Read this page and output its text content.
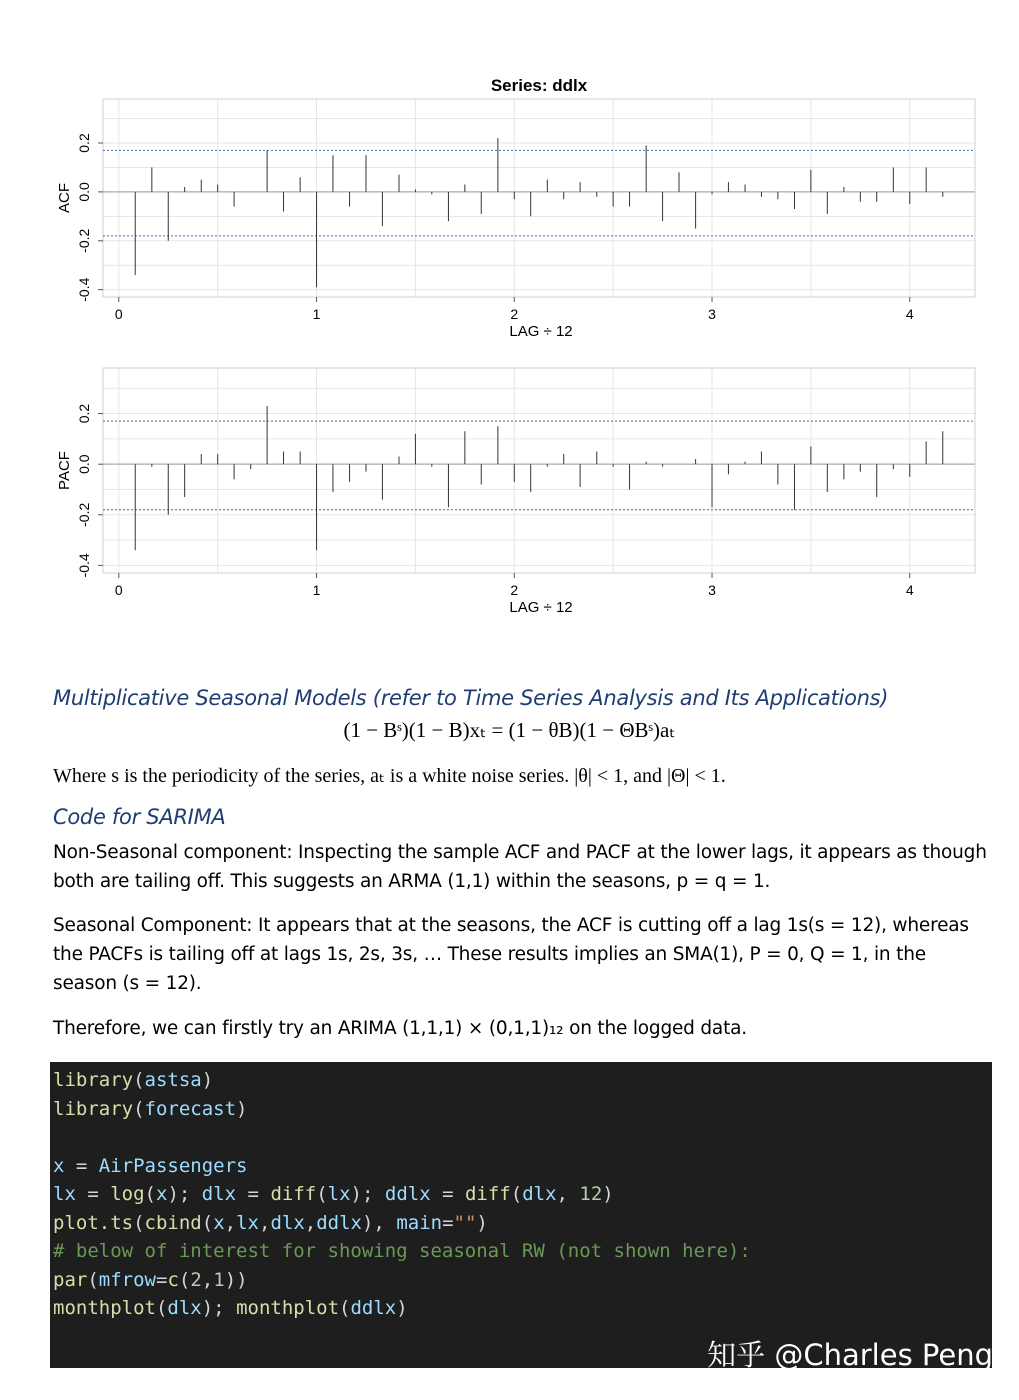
0	1	2	3	4
-0.4
-0.2
0.0
0.2
LAG ÷ 12
ACF
Series: ddlx
0	1	2	3	4
-0.4
-0.2
0.0
0.2
LAG ÷ 12
PACF
Multiplicative Seasonal Models (refer to Time Series Analysis and Its Applications)
(1 − Bˢ)(1 − B)xₜ = (1 − θB)(1 − ΘBˢ)aₜ
Where s is the periodicity of the series, aₜ is a white noise series. |θ| < 1, and |Θ| < 1.
Code for SARIMA

Non-Seasonal component: Inspecting the sample ACF and PACF at the lower lags, it appears as though both are tailing off. This suggests an ARMA (1,1) within the seasons, p = q = 1.

Seasonal Component: It appears that at the seasons, the ACF is cutting off a lag 1s(s = 12), whereas the PACFs is tailing off at lags 1s, 2s, 3s, … These results implies an SMA(1), P = 0, Q = 1, in the season (s = 12).

Therefore, we can firstly try an ARIMA (1,1,1) × (0,1,1)₁₂ on the logged data.

library(astsa)
library(forecast)
x = AirPassengers
lx = log(x); dlx = diff(lx); ddlx = diff(dlx, 12)
plot.ts(cbind(x,lx,dlx,ddlx), main="")
# below of interest for showing seasonal RW (not shown here):
par(mfrow=c(2,1))
monthplot(dlx); monthplot(ddlx)
知乎 @Charles Peng
